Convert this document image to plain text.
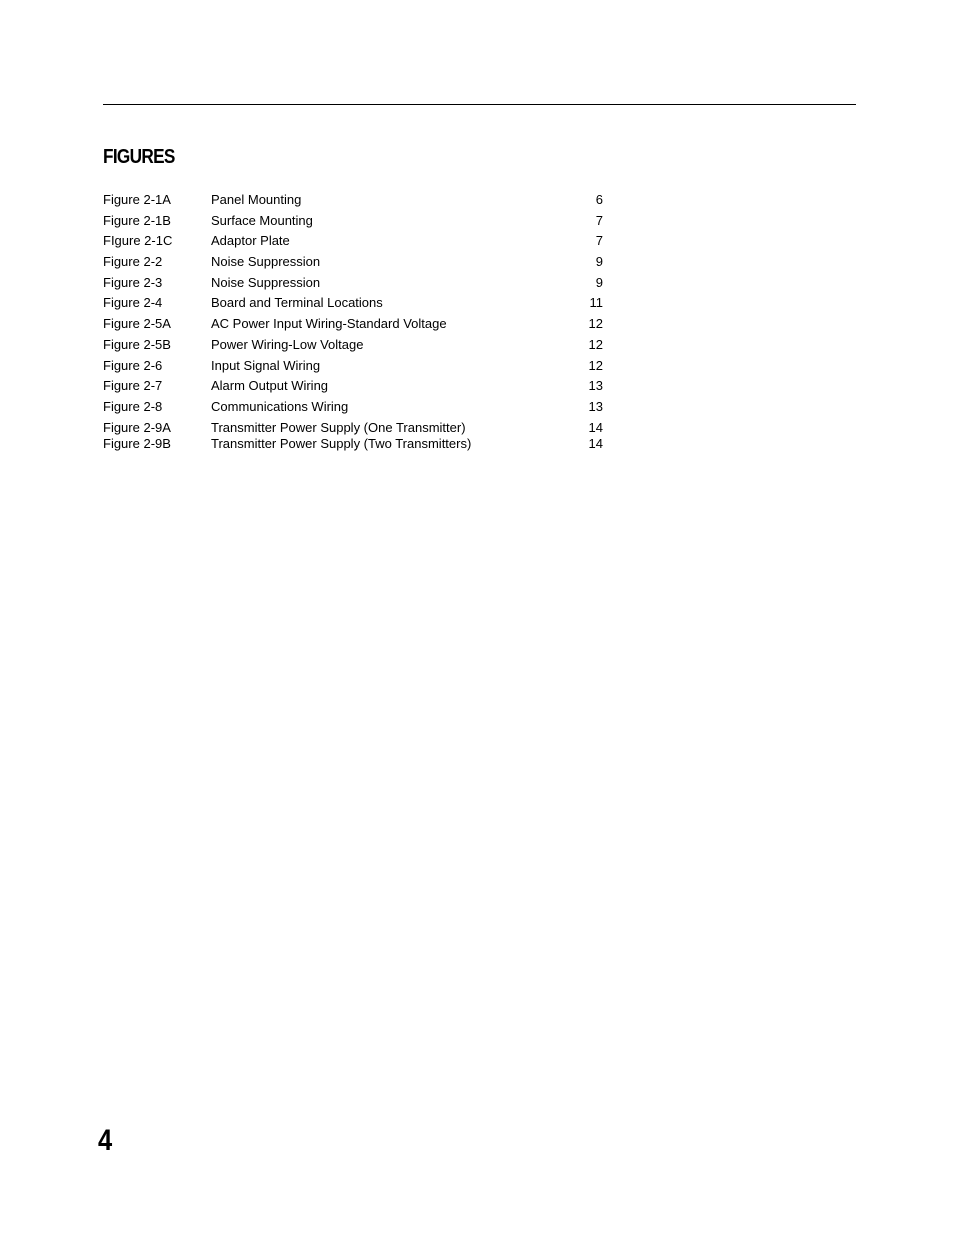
FIGURES
Figure 2-1A	Panel Mounting	6
Figure 2-1B	Surface Mounting	7
FIgure 2-1C	Adaptor Plate	7
Figure 2-2	Noise Suppression	9
Figure 2-3	Noise Suppression	9
Figure 2-4	Board and Terminal Locations	11
Figure 2-5A	AC Power Input Wiring-Standard Voltage	12
Figure 2-5B	Power Wiring-Low Voltage	12
Figure 2-6	Input Signal Wiring	12
Figure 2-7	Alarm Output Wiring	13
Figure 2-8	Communications Wiring	13
Figure 2-9A	Transmitter Power Supply (One Transmitter)	14
Figure 2-9B	Transmitter Power Supply (Two Transmitters)	14
4
